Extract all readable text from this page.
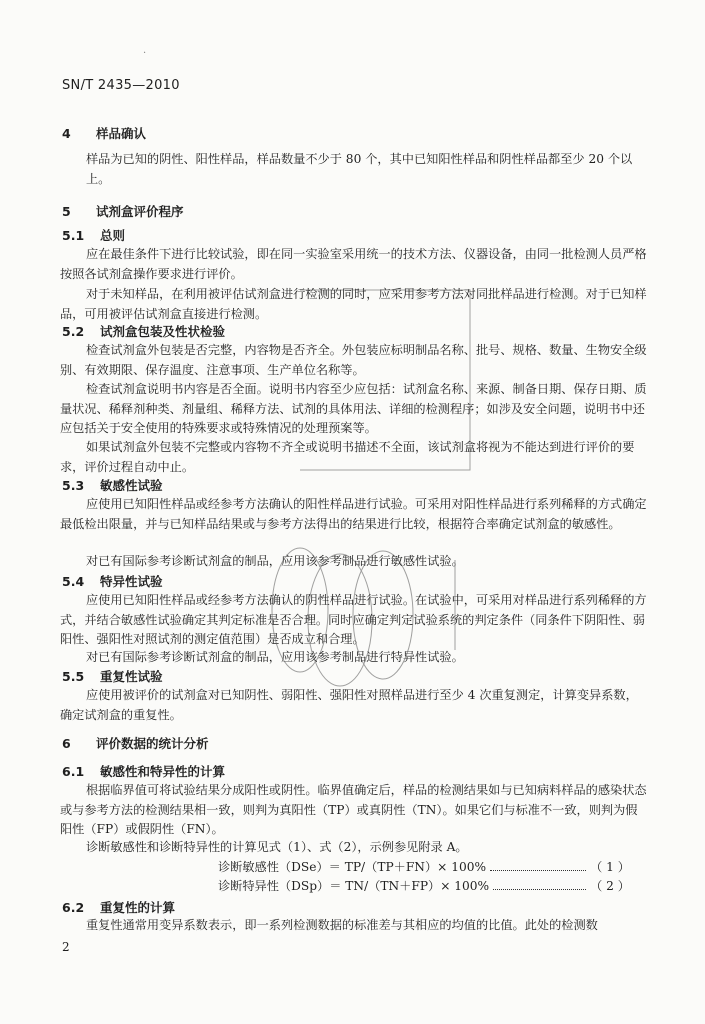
·
SN/T 2435—2010
4 样品确认
样品为已知的阴性、阳性样品，样品数量不少于 80 个，其中已知阳性样品和阴性样品都至少 20 个以上。
5 试剂盒评价程序
5.1 总则
应在最佳条件下进行比较试验，即在同一实验室采用统一的技术方法、仪器设备，由同一批检测人员严格按照各试剂盒操作要求进行评价。
对于未知样品，在利用被评估试剂盒进行检测的同时，应采用参考方法对同批样品进行检测。对于已知样品，可用被评估试剂盒直接进行检测。
5.2 试剂盒包装及性状检验
检查试剂盒外包装是否完整，内容物是否齐全。外包装应标明制品名称、批号、规格、数量、生物安全级别、有效期限、保存温度、注意事项、生产单位名称等。
检查试剂盒说明书内容是否全面。说明书内容至少应包括：试剂盒名称、来源、制备日期、保存日期、质量状况、稀释剂种类、剂量组、稀释方法、试剂的具体用法、详细的检测程序；如涉及安全问题，说明书中还应包括关于安全使用的特殊要求或特殊情况的处理预案等。
如果试剂盒外包装不完整或内容物不齐全或说明书描述不全面，该试剂盒将视为不能达到进行评价的要求，评价过程自动中止。
5.3 敏感性试验
应使用已知阳性样品或经参考方法确认的阳性样品进行试验。可采用对阳性样品进行系列稀释的方式确定最低检出限量，并与已知样品结果或与参考方法得出的结果进行比较，根据符合率确定试剂盒的敏感性。
对已有国际参考诊断试剂盒的制品，应用该参考制品进行敏感性试验。
5.4 特异性试验
应使用已知阳性样品或经参考方法确认的阴性样品进行试验。在试验中，可采用对样品进行系列稀释的方式，并结合敏感性试验确定其判定标准是否合理。同时应确定判定试验系统的判定条件（同条件下阴阳性、弱阳性、强阳性对照试剂的测定值范围）是否成立和合理。
对已有国际参考诊断试剂盒的制品，应用该参考制品进行特异性试验。
5.5 重复性试验
应使用被评价的试剂盒对已知阴性、弱阳性、强阳性对照样品进行至少 4 次重复测定，计算变异系数，确定试剂盒的重复性。
6 评价数据的统计分析
6.1 敏感性和特异性的计算
根据临界值可将试验结果分成阳性或阴性。临界值确定后，样品的检测结果如与已知病料样品的感染状态或与参考方法的检测结果相一致，则判为真阳性（TP）或真阴性（TN）。如果它们与标准不一致，则判为假阳性（FP）或假阴性（FN）。
诊断敏感性和诊断特异性的计算见式（1）、式（2），示例参见附录 A。
诊断敏感性（DSe）＝ TP/（TP＋FN）× 100%	（ 1 ）
诊断特异性（DSp）＝ TN/（TN＋FP）× 100%	（ 2 ）
6.2 重复性的计算
重复性通常用变异系数表示，即一系列检测数据的标准差与其相应的均值的比值。此处的检测数
2
